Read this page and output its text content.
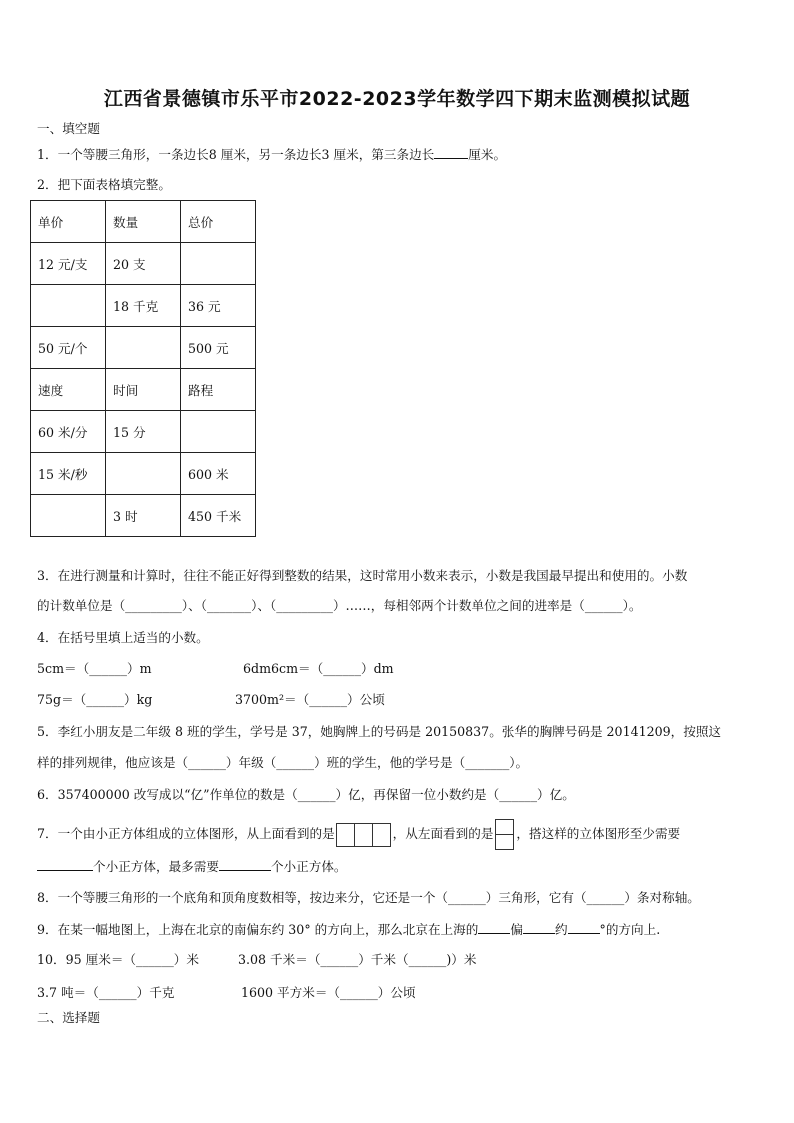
江西省景德镇市乐平市2022-2023学年数学四下期末监测模拟试题
一、填空题
1．一个等腰三角形，一条边长8 厘米，另一条边长3 厘米，第三条边长	厘米。
2．把下面表格填完整。
单价	数量	总价
12 元/支	20 支	
	18 千克	36 元
50 元/个		500 元
速度	时间	路程
60 米/分	15 分	
15 米/秒		600 米
	3 时	450 千米
3．在进行测量和计算时，往往不能正好得到整数的结果，这时常用小数来表示，小数是我国最早提出和使用的。小数
的计数单位是（_________）、（_______）、（_________）……，每相邻两个计数单位之间的进率是（______）。
4．在括号里填上适当的小数。
5cm＝（______）m	6dm6cm＝（______）dm
75g＝（______）kg	3700m²＝（______）公顷
5．李红小朋友是二年级 8 班的学生，学号是 37，她胸牌上的号码是 20150837。张华的胸牌号码是 20141209，按照这
样的排列规律，他应该是（______）年级（______）班的学生，他的学号是（_______）。
6．357400000 改写成以“亿”作单位的数是（______）亿，再保留一位小数约是（______）亿。
7．一个由小正方体组成的立体图形，从上面看到的是	，从左面看到的是 ，搭这样的立体图形至少需要
个小正方体，最多需要	个小正方体。
8．一个等腰三角形的一个底角和顶角度数相等，按边来分，它还是一个（______）三角形，它有（______）条对称轴。
9．在某一幅地图上，上海在北京的南偏东约 30° 的方向上，那么北京在上海的	偏	约	°的方向上.
10．95 厘米＝（______）米	3.08 千米＝（______）千米（______)）米
3.7 吨＝（______）千克	1600 平方米＝（______）公顷
二、选择题
